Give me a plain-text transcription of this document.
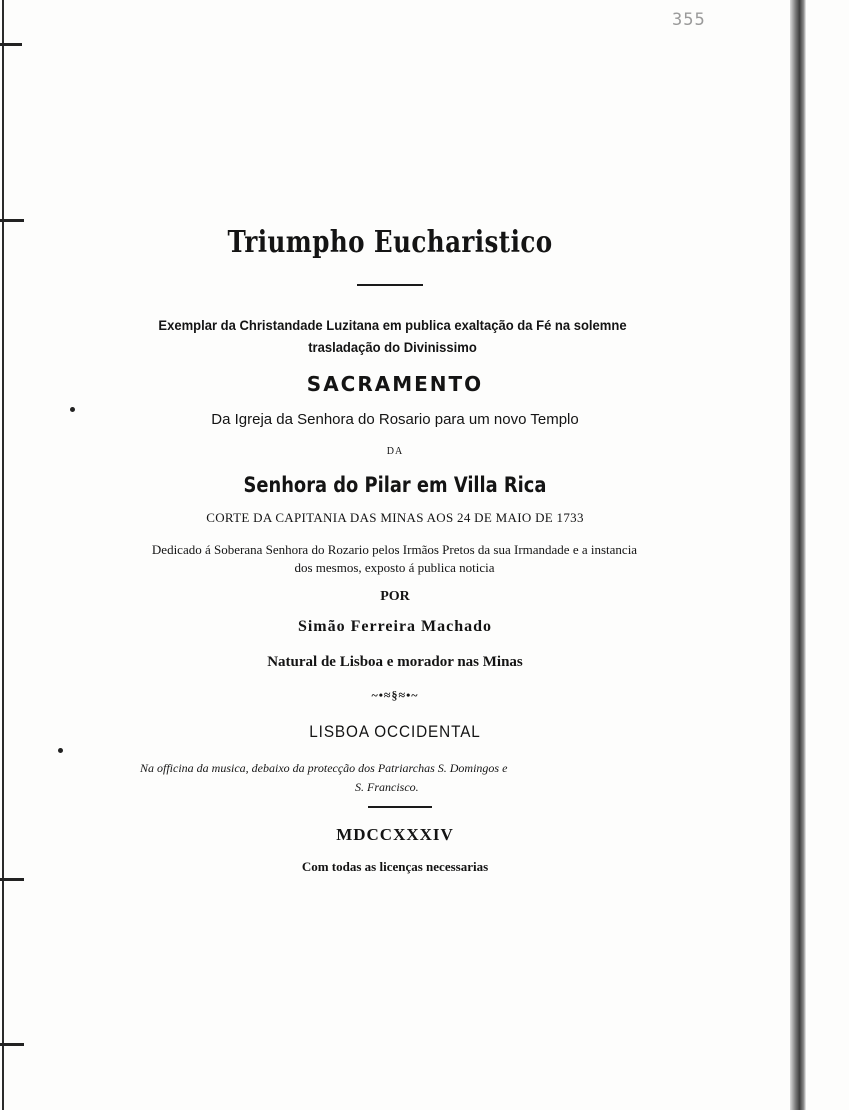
355
Triumpho Eucharistico
Exemplar da Christandade Luzitana em publica exaltação da Fé na solemne trasladação do Divinissimo
SACRAMENTO
Da Igreja da Senhora do Rosario para um novo Templo
DA
Senhora do Pilar em Villa Rica
CORTE DA CAPITANIA DAS MINAS AOS 24 DE MAIO DE 1733
Dedicado á Soberana Senhora do Rozario pelos Irmãos Pretos da sua Irmandade e a instancia dos mesmos, exposto á publica noticia
POR
Simão Ferreira Machado
Natural de Lisboa e morador nas Minas
~•≈§≈•~
LISBOA OCCIDENTAL
Na officina da musica, debaixo da protecção dos Patriarchas S. Domingos e
S. Francisco.
MDCCXXXIV
Com todas as licenças necessarias
